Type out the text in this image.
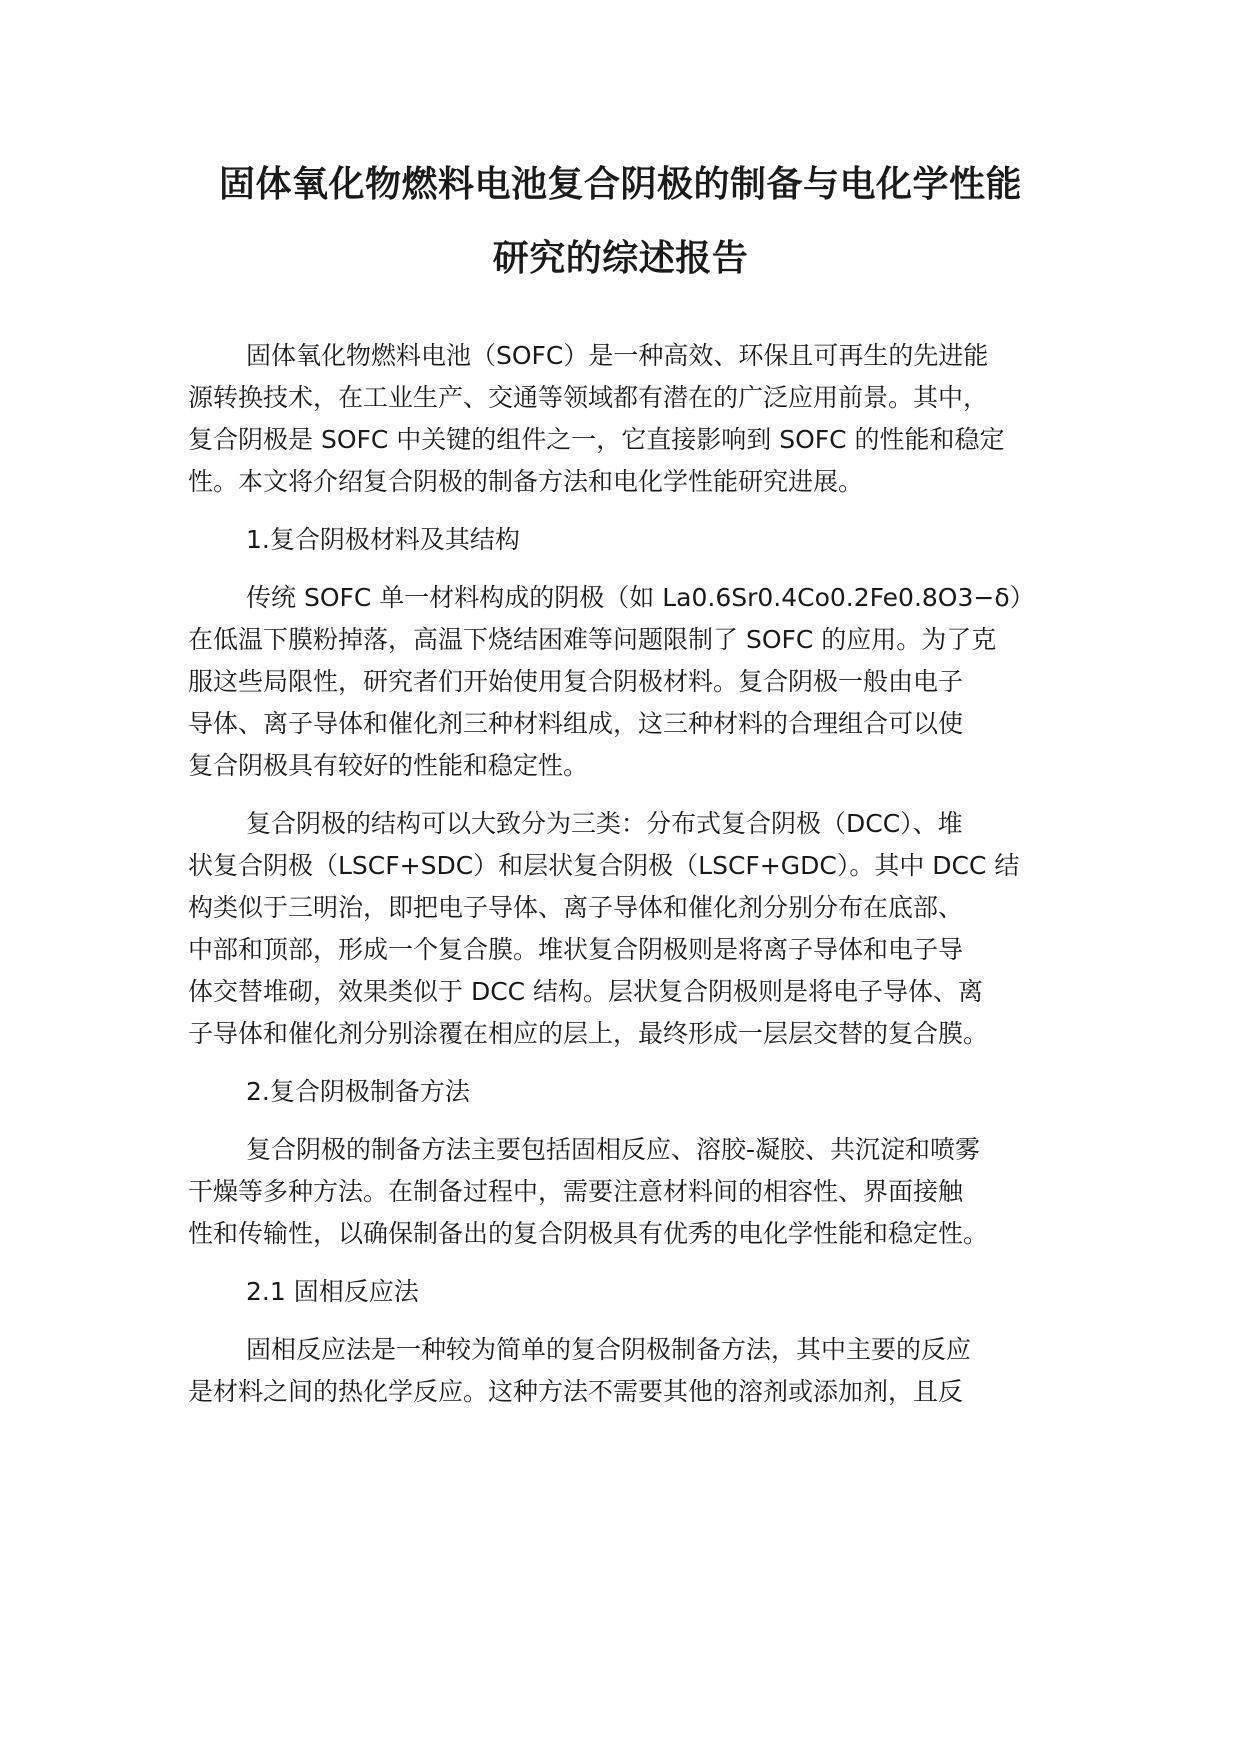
固体氧化物燃料电池复合阴极的制备与电化学性能
研究的综述报告
固体氧化物燃料电池（SOFC）是一种高效、环保且可再生的先进能
源转换技术，在工业生产、交通等领域都有潜在的广泛应用前景。其中，
复合阴极是 SOFC 中关键的组件之一，它直接影响到 SOFC 的性能和稳定
性。本文将介绍复合阴极的制备方法和电化学性能研究进展。
1.复合阴极材料及其结构
传统 SOFC 单一材料构成的阴极（如 La0.6Sr0.4Co0.2Fe0.8O3−δ）
在低温下膜粉掉落，高温下烧结困难等问题限制了 SOFC 的应用。为了克
服这些局限性，研究者们开始使用复合阴极材料。复合阴极一般由电子
导体、离子导体和催化剂三种材料组成，这三种材料的合理组合可以使
复合阴极具有较好的性能和稳定性。
复合阴极的结构可以大致分为三类：分布式复合阴极（DCC）、堆
状复合阴极（LSCF+SDC）和层状复合阴极（LSCF+GDC）。其中 DCC 结
构类似于三明治，即把电子导体、离子导体和催化剂分别分布在底部、
中部和顶部，形成一个复合膜。堆状复合阴极则是将离子导体和电子导
体交替堆砌，效果类似于 DCC 结构。层状复合阴极则是将电子导体、离
子导体和催化剂分别涂覆在相应的层上，最终形成一层层交替的复合膜。
2.复合阴极制备方法
复合阴极的制备方法主要包括固相反应、溶胶-凝胶、共沉淀和喷雾
干燥等多种方法。在制备过程中，需要注意材料间的相容性、界面接触
性和传输性，以确保制备出的复合阴极具有优秀的电化学性能和稳定性。
2.1 固相反应法
固相反应法是一种较为简单的复合阴极制备方法，其中主要的反应
是材料之间的热化学反应。这种方法不需要其他的溶剂或添加剂，且反
